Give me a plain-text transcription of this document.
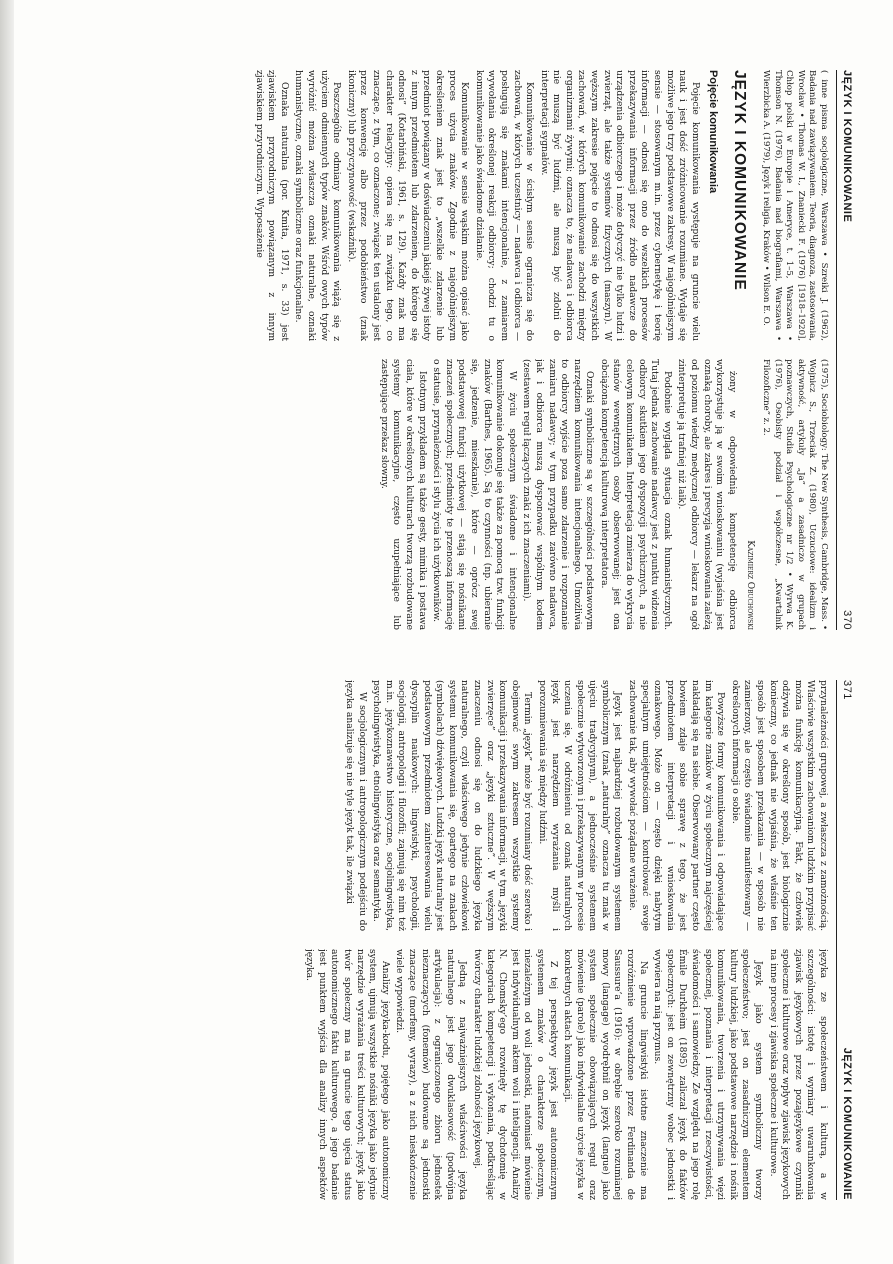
JĘZYK I KOMUNIKOWANIE
370

( inne pisma socjologiczne, Warszawa • Szreiki J. (1962), Badania nad zawiązywaniem. Teoria, diagnoza, zastosowania, Wrocław • Thomas W. I., Znaniecki F. (1976) [1918–1920], Chłop polski w Europie i Ameryce, t. 1–5, Warszawa • Thomson N. (1976), Badania nad biografiami, Warszawa • Wierzbicka A. (1979), Język i religia, Kraków • Wilson E. O.

JĘZYK I KOMUNIKOWANIE
Pojęcie komunikowania

Pojęcie komunikowania występuje na gruncie wielu nauk i jest dość zróżnicowanie rozumiane. Wydaje się możliwe jego trzy podstawowe zakresy. W najogólniejszym sensie — stosowanym m.in. przez cybernetykę i teorię informacji — odnosi się ono do wszelkich procesów przekazywania informacji przez źródło nadawcze do urządzenia odbiorczego i może dotyczyć nie tylko ludzi i zwierząt, ale także systemów fizycznych (maszyn). W węższym zakresie pojęcie to odnosi się do wszystkich zachowań, w których komunikowanie zachodzi między organizmami żywymi; oznacza to, że nadawca i odbiorca nie muszą być ludźmi, ale muszą być zdolni do interpretacji sygnałów.

Komunikowanie w ścisłym sensie ogranicza się do zachowań, w których uczestnicy — nadawca i odbiorca — posługują się znakami intencjonalnie, z zamiarem wywołania określonej reakcji odbiorcy; chodzi tu o komunikowanie jako świadome działanie.

Komunikowanie w sensie wąskim można opisać jako proces użycia znaków. Zgodnie z najogólniejszym określeniem znak jest to „wszelkie zdarzenie lub przedmiot powiązany w doświadczeniu jakiejś żywej istoty z innym przedmiotem lub zdarzeniem, do którego się odnosi” (Kotarbiński, 1961, s. 129). Każdy znak ma charakter relacyjny: opiera się na związku tego, co znaczące, z tym, co oznaczone; związek ten ustalony jest przez konwencję albo przez podobieństwo (znak ikoniczny) lub przyczynowość (wskaźnik).

Poszczególne odmiany komunikowania wiążą się z użyciem odmiennych typów znaków. Wśród owych typów wyróżnić można zwłaszcza oznaki naturalne, oznaki humanistyczne, oznaki symboliczne oraz funkcjonalne.

Oznaka naturalna (por. Kmita, 1971, s. 33) jest zjawiskiem przyrodniczym powiązanym z innym zjawiskiem przyrodniczym. Wyposażenie

(1975), Sociobiology: The New Synthesis, Cambridge, Mass. • Wojnicz S., Trzeciak Z. (1980), Uczuciowe: idealizm i aktywność, artykuły „Ja” a zasadniczo w grupach poznawczych, Studia Psychologiczne nr 1/2 • Wyrwa K. (1976), Osobisty podział i współczesne, „Kwartalnik Filozoficzne” z. 2.

Kazimierz Obuchowski

żony w odpowiednią kompetencję odbiorca wykorzystuje ją w swoim wnioskowaniu (wyjaśnia jest oznaką choroby, ale zakres i precyzja wnioskowania zależą od poziomu wiedzy medycznej odbiorcy — lekarz na ogół zinterpretuje ją trafniej niż laik).

Podobnie wygląda sytuacja oznak humanistycznych. Tutaj jednak zachowanie nadawcy jest z punktu widzenia odbiorcy skutkiem jego dyspozycji psychicznych, a nie celowym komunikatem. Interpretacja zmierza do wykrycia stanów wewnętrznych osoby obserwowanej; jest ona obciążona kompetencją kulturową interpretatora.

Oznaki symboliczne są w szczególności podstawowym narzędziem komunikowania intencjonalnego. Umożliwia to odbiorcy wyjście poza samo zdarzenie i rozpoznanie zamiaru nadawcy; w tym przypadku zarówno nadawca, jak i odbiorca muszą dysponować wspólnym kodem (zestawem reguł łączących znaki z ich znaczeniami).

W życiu społecznym świadome i intencjonalne komunikowanie dokonuje się także za pomocą tzw. funkcji znaków (Barthes, 1965). Są to czynności (np. ubieranie się, jedzenie, mieszkanie), które — oprócz swej podstawowej funkcji użytkowej — stają się nośnikami znaczeń społecznych; przedmioty te przenoszą informację o statusie, przynależności i stylu życia ich użytkowników.

Istotnym przykładem są także gesty, mimika i postawa ciała, które w określonych kulturach tworzą rozbudowane systemy komunikacyjne, często uzupełniające lub zastępujące przekaz słowny.

371
JĘZYK I KOMUNIKOWANIE

przynależności grupowej, a zwłaszcza z zamożnością. Właściwie wszystkim zachowaniom ludzkim przypisać można funkcję komunikacyjną. Fakt, że człowiek odżywia się w określony sposób, jest biologicznie konieczny, co jednak nie wyjaśnia, że właśnie ten sposób jest sposobem przekazania — w sposób nie zamierzony, ale często świadomie manifestowany — określonych informacji o sobie.

Powyższe formy komunikowania i odpowiadające im kategorie znaków w życiu społecznym najczęściej nakładają się na siebie. Obserwowany partner często bowiem zdaje sobie sprawę z tego, że jest przedmiotem interpretacji i wnioskowania oznakowego. Może on — często dzięki nabytym specjalnym umiejętnościom — kontrolować swoje zachowanie tak, aby wywołać pożądane wrażenie.

Język jest najbardziej rozbudowanym systemem symbolicznym (znak „naturalny” oznacza tu znak w ujęciu tradycyjnym), a jednocześnie systemem społecznie wytworzonym i przekazywanym w procesie uczenia się. W odróżnieniu od oznak naturalnych język jest narzędziem wyrażania myśli i porozumiewania się między ludźmi.

Termin „język” może być rozumiany dość szeroko i obejmować swym zakresem wszystkie systemy komunikacji i przekazywania informacji, w tym „języki zwierzęce” oraz „języki sztuczne”. W węższym znaczeniu odnosi się on do ludzkiego języka naturalnego, czyli właściwego jedynie człowiekowi systemu komunikowania się, opartego na znakach (symbolach) dźwiękowych. Ludzki język naturalny jest podstawowym przedmiotem zainteresowania wielu dyscyplin naukowych: lingwistyki, psychologii, socjologii, antropologii i filozofii; zajmują się nim też m.in. językoznawstwo historyczne, socjolingwistyka, psycholingwistyka, etnolingwistyka oraz semantyka.

W socjologicznym i antropologicznym podejściu do języka analizuje się nie tyle język tak, ile związki

języka ze społeczeństwem i kulturą, a w szczególności: istotę i wymiary uwarunkowania zjawisk językowych przez pozajęzykowe czynniki społeczne i kulturowe oraz wpływ zjawisk językowych na inne procesy i zjawiska społeczne i kulturowe.

Język jako system symboliczny tworzy społeczeństwo; jest on zasadniczym elementem kultury ludzkiej, jako podstawowe narzędzie i nośnik komunikowania, tworzenia i utrzymywania więzi społecznej, poznania i interpretacji rzeczywistości, świadomości i samowiedzy. Ze względu na jego rolę Émile Durkheim (1895) zaliczał język do faktów społecznych: jest on zewnętrzny wobec jednostki i wywiera na nią przymus.

Na gruncie lingwistyki istotne znaczenie ma rozróżnienie wprowadzone przez Ferdinanda de Saussure’a (1916): w obrębie szeroko rozumianej mowy (langage) wyodrębnił on język (langue) jako system społecznie obowiązujących reguł oraz mówienie (parole) jako indywidualne użycie języka w konkretnych aktach komunikacji.

Z tej perspektywy język jest autonomicznym systemem znaków o charakterze społecznym, niezależnym od woli jednostki, natomiast mówienie jest indywidualnym aktem woli i inteligencji. Analizy N. Chomsky’ego rozwinęły tę dychotomię w kategoriach kompetencji i wykonania, podkreślając twórczy charakter ludzkiej zdolności językowej.

Jedną z najważniejszych właściwości języka naturalnego jest jego dwuklasowość (podwójna artykulacja): z ograniczonego zbioru jednostek nieznaczących (fonemów) budowane są jednostki znaczące (morfemy, wyrazy), a z nich nieskończenie wiele wypowiedzi.

Analizy języka-kodu, pojętego jako autonomiczny system, ujmują wszystkie nośniki języka jako jedynie narzędzie wyrażania treści kulturowych; język jako twór społeczny ma na gruncie tego ujęcia status autonomicznego faktu kulturowego, a jego badanie jest punktem wyjścia dla analizy innych aspektów języka.
